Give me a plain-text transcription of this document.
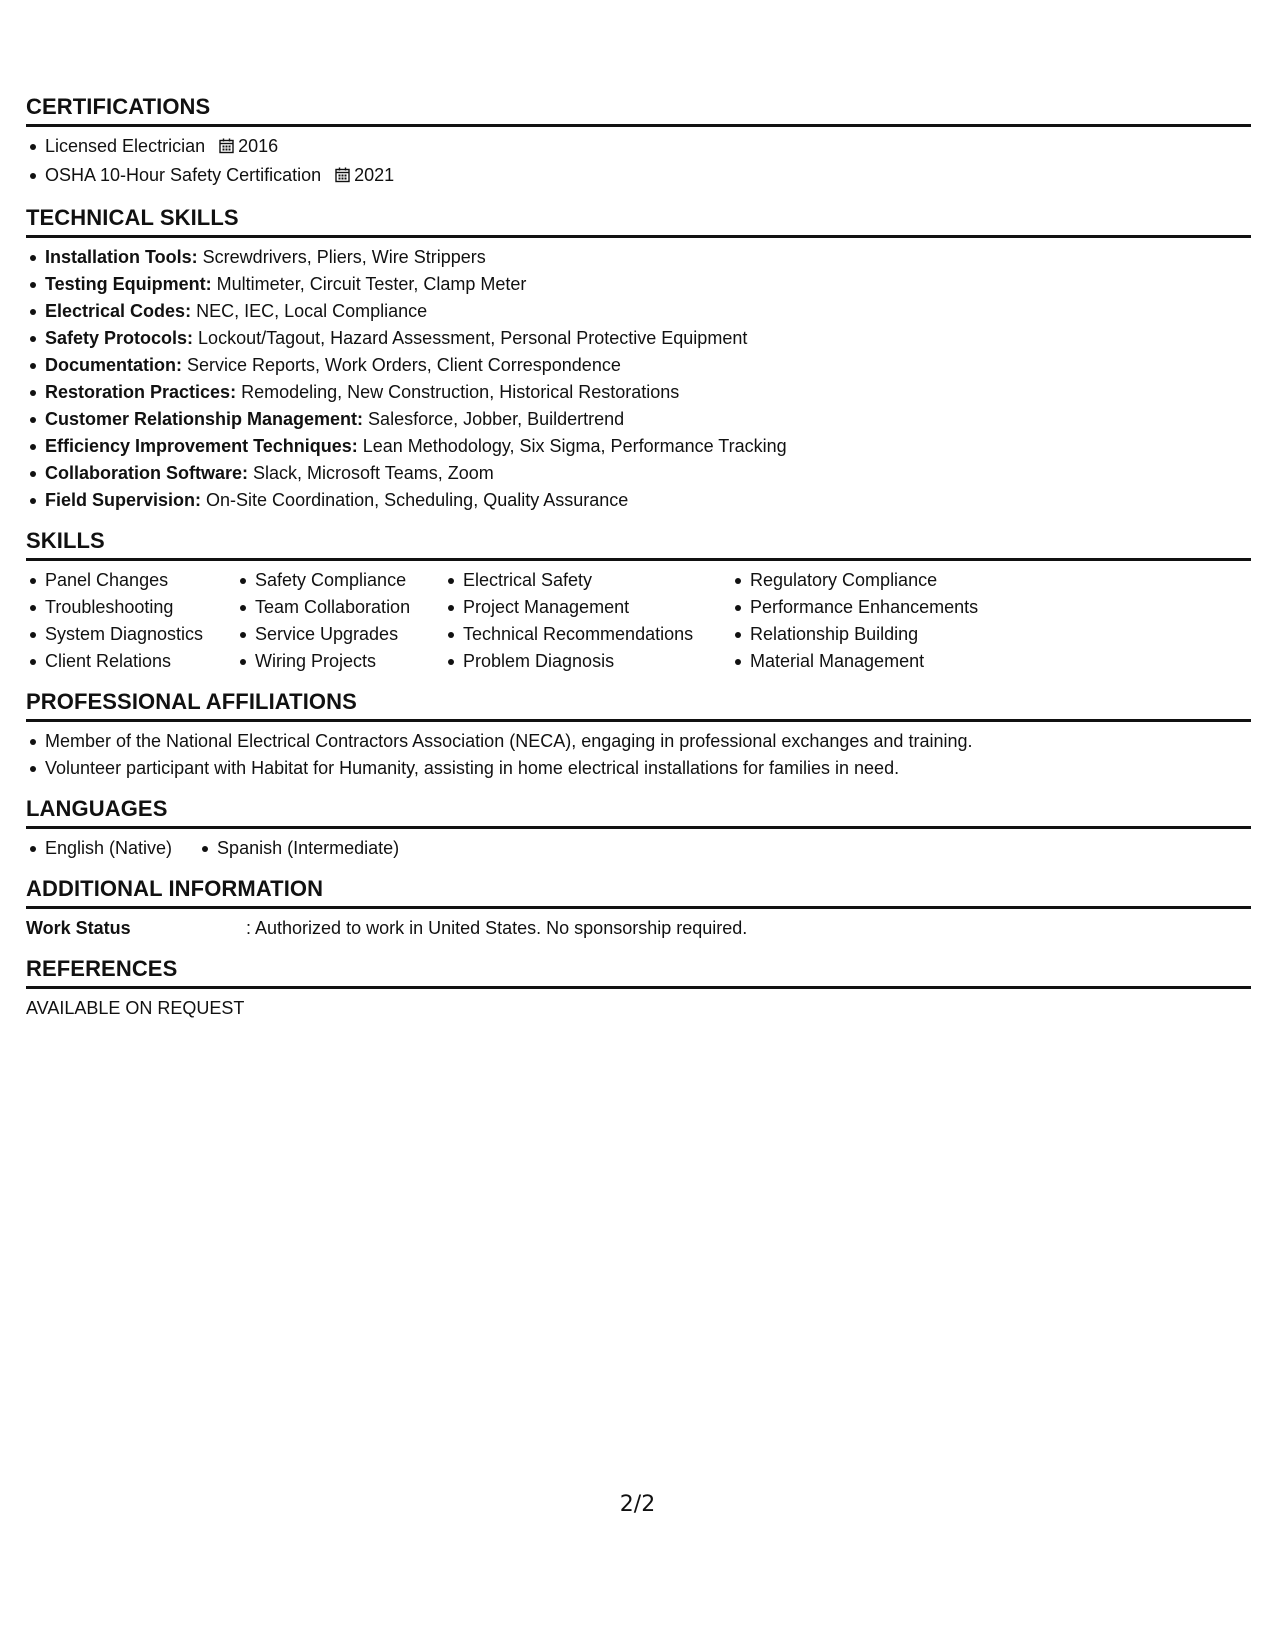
CERTIFICATIONS
Licensed Electrician 2016
OSHA 10-Hour Safety Certification 2021
TECHNICAL SKILLS
Installation Tools: Screwdrivers, Pliers, Wire Strippers
Testing Equipment: Multimeter, Circuit Tester, Clamp Meter
Electrical Codes: NEC, IEC, Local Compliance
Safety Protocols: Lockout/Tagout, Hazard Assessment, Personal Protective Equipment
Documentation: Service Reports, Work Orders, Client Correspondence
Restoration Practices: Remodeling, New Construction, Historical Restorations
Customer Relationship Management: Salesforce, Jobber, Buildertrend
Efficiency Improvement Techniques: Lean Methodology, Six Sigma, Performance Tracking
Collaboration Software: Slack, Microsoft Teams, Zoom
Field Supervision: On-Site Coordination, Scheduling, Quality Assurance
SKILLS
Panel Changes
Troubleshooting
System Diagnostics
Client Relations
Safety Compliance
Team Collaboration
Service Upgrades
Wiring Projects
Electrical Safety
Project Management
Technical Recommendations
Problem Diagnosis
Regulatory Compliance
Performance Enhancements
Relationship Building
Material Management
PROFESSIONAL AFFILIATIONS
Member of the National Electrical Contractors Association (NECA), engaging in professional exchanges and training.
Volunteer participant with Habitat for Humanity, assisting in home electrical installations for families in need.
LANGUAGES
English (Native)	Spanish (Intermediate)
ADDITIONAL INFORMATION
Work Status	: Authorized to work in United States. No sponsorship required.
REFERENCES
AVAILABLE ON REQUEST
2/2
